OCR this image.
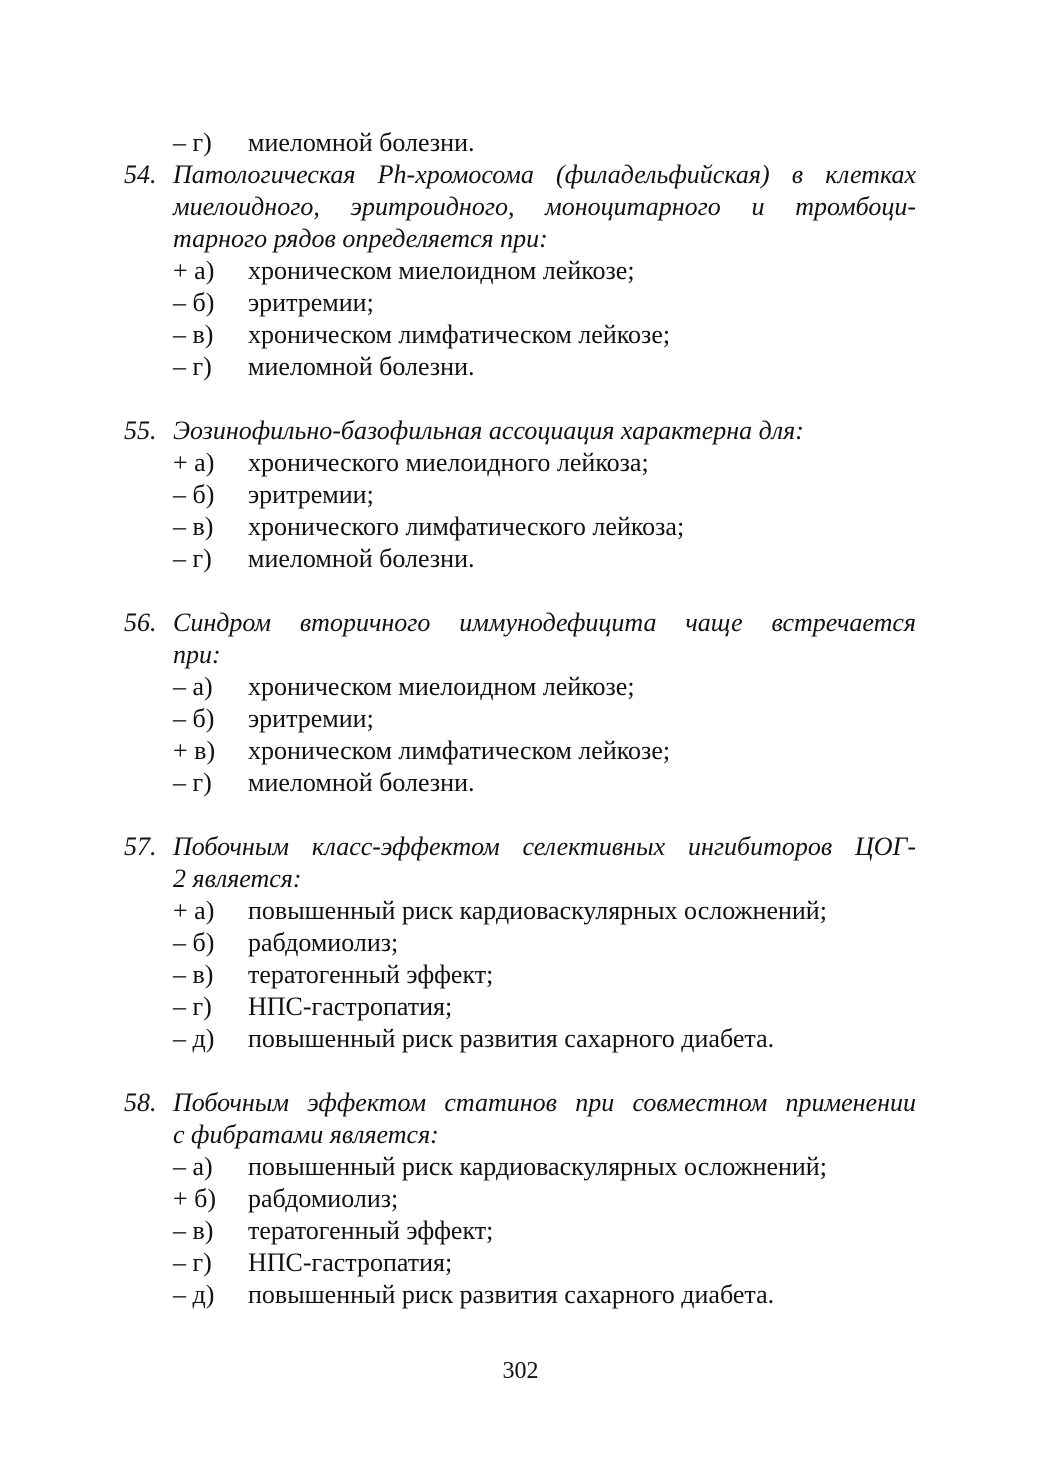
– г)	миеломной болезни.
54. Патологическая Ph-хромосома (филадельфийская) в клетках
миелоидного, эритроидного, моноцитарного и тромбоци-
тарного рядов определяется при:
+ а)	хроническом миелоидном лейкозе;
– б)	эритремии;
– в)	хроническом лимфатическом лейкозе;
– г)	миеломной болезни.
55. Эозинофильно-базофильная ассоциация характерна для:
+ а)	хронического миелоидного лейкоза;
– б)	эритремии;
– в)	хронического лимфатического лейкоза;
– г)	миеломной болезни.
56. Синдром вторичного иммунодефицита чаще встречается
при:
– а)	хроническом миелоидном лейкозе;
– б)	эритремии;
+ в)	хроническом лимфатическом лейкозе;
– г)	миеломной болезни.
57. Побочным класс-эффектом селективных ингибиторов ЦОГ-
2 является:
+ а)	повышенный риск кардиоваскулярных осложнений;
– б)	рабдомиолиз;
– в)	тератогенный эффект;
– г)	НПС-гастропатия;
– д)	повышенный риск развития сахарного диабета.
58. Побочным эффектом статинов при совместном применении
с фибратами является:
– а)	повышенный риск кардиоваскулярных осложнений;
+ б) рабдомиолиз;
– в)	тератогенный эффект;
– г)	НПС-гастропатия;
– д)	повышенный риск развития сахарного диабета.
302
